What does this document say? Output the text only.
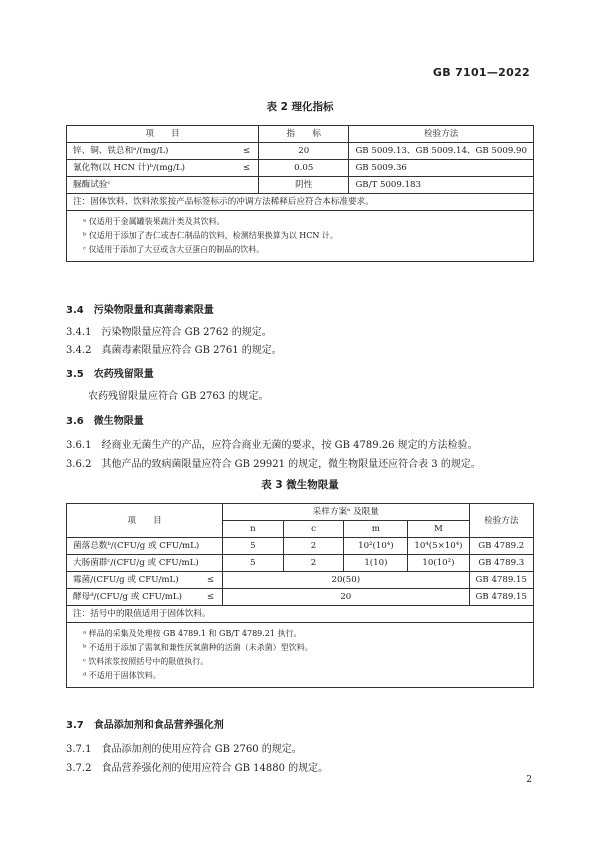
GB 7101—2022
表 2 理化指标
项　　目		指　　标	检验方法
锌、铜、铁总和ᵃ/(mg/L)	≤	20	GB 5009.13、GB 5009.14、GB 5009.90
氰化物(以 HCN 计)ᵇ/(mg/L)	≤	0.05	GB 5009.36
脲酶试验ᶜ		阴性	GB/T 5009.183
注：固体饮料、饮料浓浆按产品标签标示的冲调方法稀释后应符合本标准要求。			

ᵃ 仅适用于金属罐装果蔬汁类及其饮料。
ᵇ 仅适用于添加了杏仁或杏仁制品的饮料，检测结果换算为以 HCN 计。
ᶜ 仅适用于添加了大豆或含大豆蛋白的制品的饮料。			
3.4　污染物限量和真菌毒素限量
3.4.1　污染物限量应符合 GB 2762 的规定。
3.4.2　真菌毒素限量应符合 GB 2761 的规定。
3.5　农药残留限量
农药残留限量应符合 GB 2763 的规定。
3.6　微生物限量
3.6.1　经商业无菌生产的产品，应符合商业无菌的要求，按 GB 4789.26 规定的方法检验。
3.6.2　其他产品的致病菌限量应符合 GB 29921 的规定，微生物限量还应符合表 3 的规定。
表 3 微生物限量
项　　目		采样方案ᵃ 及限量				检验方法
		n	c	m	M	
菌落总数ᵇ/(CFU/g 或 CFU/mL)		5	2	10²(10⁴)	10⁴(5×10⁴)	GB 4789.2
大肠菌群ᶜ/(CFU/g 或 CFU/mL)		5	2	1(10)	10(10²)	GB 4789.3
霉菌/(CFU/g 或 CFU/mL)	≤	20(50)				GB 4789.15
酵母ᵈ/(CFU/g 或 CFU/mL)	≤	20				GB 4789.15
注：括号中的限值适用于固体饮料。						

ᵃ 样品的采集及处理按 GB 4789.1 和 GB/T 4789.21 执行。
ᵇ 不适用于添加了需氧和兼性厌氧菌种的活菌（未杀菌）型饮料。
ᶜ 饮料浓浆按照括号中的限值执行。
ᵈ 不适用于固体饮料。						
3.7　食品添加剂和食品营养强化剂
3.7.1　食品添加剂的使用应符合 GB 2760 的规定。
3.7.2　食品营养强化剂的使用应符合 GB 14880 的规定。
2
